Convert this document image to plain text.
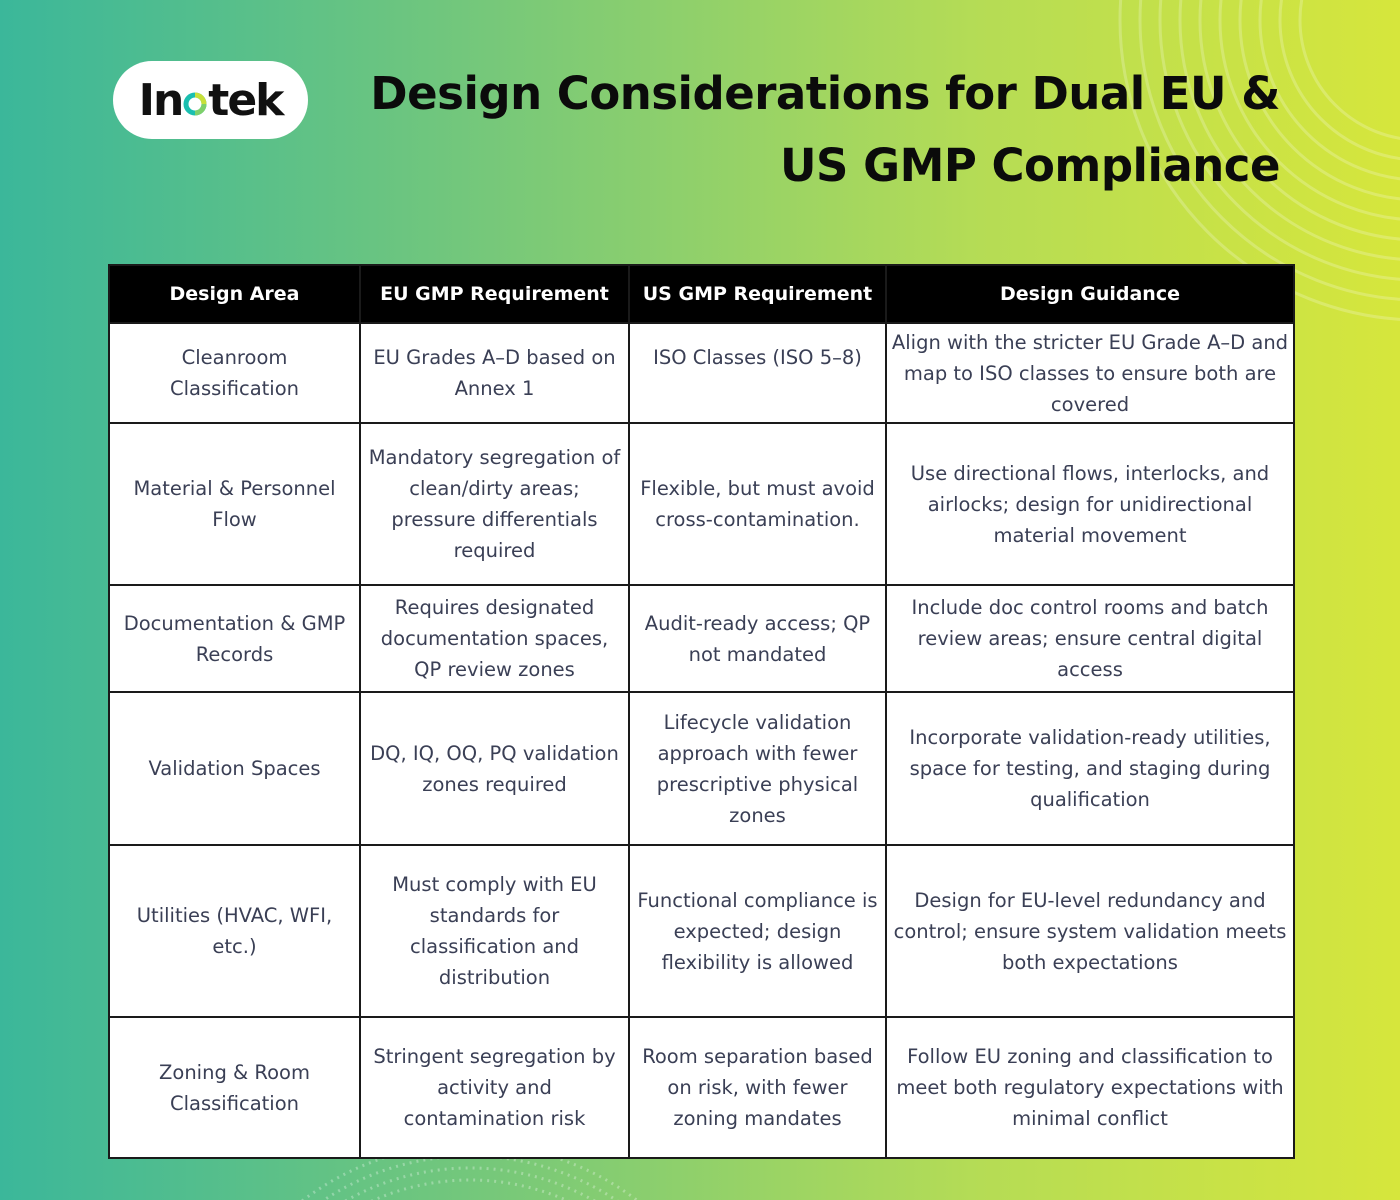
In tek	Design Considerations for Dual EU &
US GMP Compliance
Design Area	EU GMP Requirement	US GMP Requirement	Design Guidance
Cleanroom Classification	EU Grades A–D based on Annex 1	ISO Classes (ISO 5–8)	Align with the stricter EU Grade A–D and map to ISO classes to ensure both are covered
Material & Personnel Flow	Mandatory segregation of clean/dirty areas; pressure differentials required	Flexible, but must avoid cross-contamination.	Use directional flows, interlocks, and airlocks; design for unidirectional material movement
Documentation & GMP Records	Requires designated documentation spaces, QP review zones	Audit-ready access; QP not mandated	Include doc control rooms and batch review areas; ensure central digital access
Validation Spaces	DQ, IQ, OQ, PQ validation zones required	Lifecycle validation approach with fewer prescriptive physical zones	Incorporate validation-ready utilities, space for testing, and staging during qualification
Utilities (HVAC, WFI, etc.)	Must comply with EU standards for classification and distribution	Functional compliance is expected; design flexibility is allowed	Design for EU-level redundancy and control; ensure system validation meets both expectations
Zoning & Room Classification	Stringent segregation by activity and contamination risk	Room separation based on risk, with fewer zoning mandates	Follow EU zoning and classification to meet both regulatory expectations with minimal conflict
